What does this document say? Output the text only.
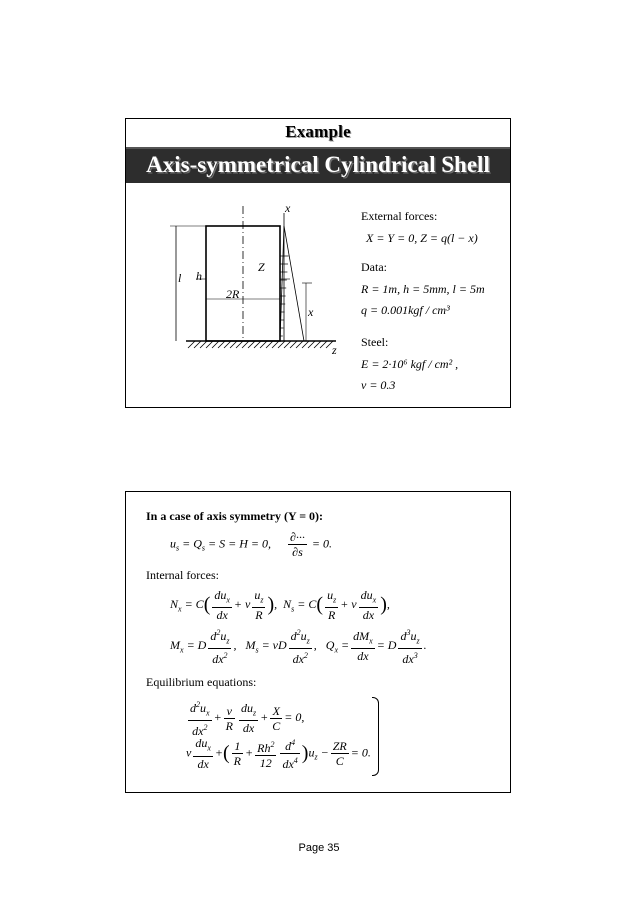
Example
Axis-symmetrical Cylindrical Shell
x
x
z
Z
l h
2R
External forces:
X = Y = 0, Z = q(l − x)
Data:
R = 1m, h = 5mm, l = 5m
q = 0.001kgf / cm³
Steel:
E = 2·10⁶ kgf / cm² ,
ν = 0.3
In a case of axis symmetry (Y = 0):
$u_s = Q_s = S = H = 0$, $\frac{\partial\cdot\cdot\cdot}{\partial s} = 0$.
Internal forces:
$N_x = C( \frac{du_x}{dx} + \nu \frac{u_z}{R}$ ),  $N_s = C( \frac{u_z}{R} + \nu \frac{du_x}{dx}$ ),
$M_x = D \frac{d^2u_z}{dx^2}$ ,   $M_s = \nu D \frac{d^2u_z}{dx^2}$ ,   $Q_x = \frac{dM_x}{dx} = D \frac{d^3u_z}{dx^3}$ .
Equilibrium equations:
$\frac{d^2u_x}{dx^2} + \frac{\nu}{R} \frac{du_z}{dx} + \frac{X}{C} = 0$,
ν $\frac{du_x}{dx}$ +( $\frac{1}{R} + \frac{Rh^2}{12} \frac{d^4}{dx^4} )u_z - \frac{ZR}{C} = 0$.
Page 35
